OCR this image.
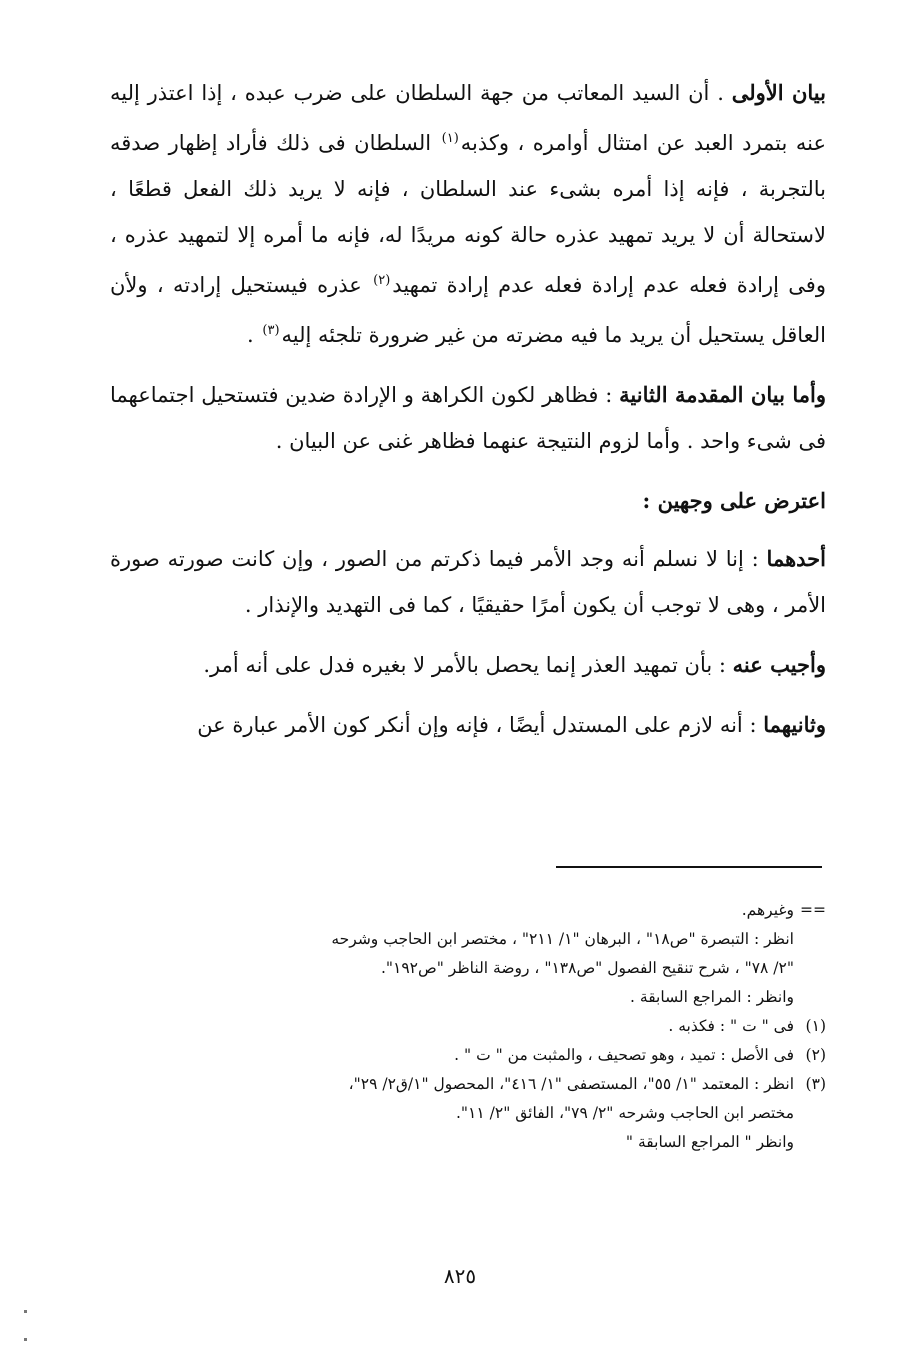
بيان الأولى . أن السيد المعاتب من جهة السلطان على ضرب عبده ، إذا اعتذر إليه عنه بتمرد العبد عن امتثال أوامره ، وكذبه$^{(١)}$ السلطان فى ذلك فأراد إظهار صدقه بالتجربة ، فإنه إذا أمره بشىء عند السلطان ، فإنه لا يريد ذلك الفعل قطعًا ، لاستحالة أن لا يريد تمهيد عذره حالة كونه مريدًا له، فإنه ما أمره إلا لتمهيد عذره ، وفى إرادة فعله عدم إرادة فعله عدم إرادة تمهيد$^{(٢)}$ عذره فيستحيل إرادته ، ولأن العاقل يستحيل أن يريد ما فيه مضرته من غير ضرورة تلجئه إليه$^{(٣)}$ .

وأما بيان المقدمة الثانية : فظاهر لكون الكراهة و الإرادة ضدين فتستحيل اجتماعهما فى شىء واحد . وأما لزوم النتيجة عنهما فظاهر غنى عن البيان .

اعترض على وجهين :

أحدهما : إنا لا نسلم أنه وجد الأمر فيما ذكرتم من الصور ، وإن كانت صورته صورة الأمر ، وهى لا توجب أن يكون أمرًا حقيقيًا ، كما فى التهديد والإنذار .

وأجيب عنه : بأن تمهيد العذر إنما يحصل بالأمر لا بغيره فدل على أنه أمر.

وثانيهما : أنه لازم على المستدل أيضًا ، فإنه وإن أنكر كون الأمر عبارة عن

==
وغيرهم.
انظر : التبصرة "ص١٨" ، البرهان "١/ ٢١١" ، مختصر ابن الحاجب وشرحه
"٢/ ٧٨" ، شرح تنقيح الفصول "ص١٣٨" ، روضة الناظر "ص١٩٢".
وانظر : المراجع السابقة .
(١)
فى " ت " : فكذبه .
(٢)
فى الأصل : تميد ، وهو تصحيف ، والمثبت من " ت " .
(٣)
انظر : المعتمد "١/ ٥٥"، المستصفى "١/ ٤١٦"، المحصول "١/ق٢/ ٢٩"،
مختصر ابن الحاجب وشرحه "٢/ ٧٩"، الفائق "٢/ ١١".
وانظر " المراجع السابقة "
٨٢٥
